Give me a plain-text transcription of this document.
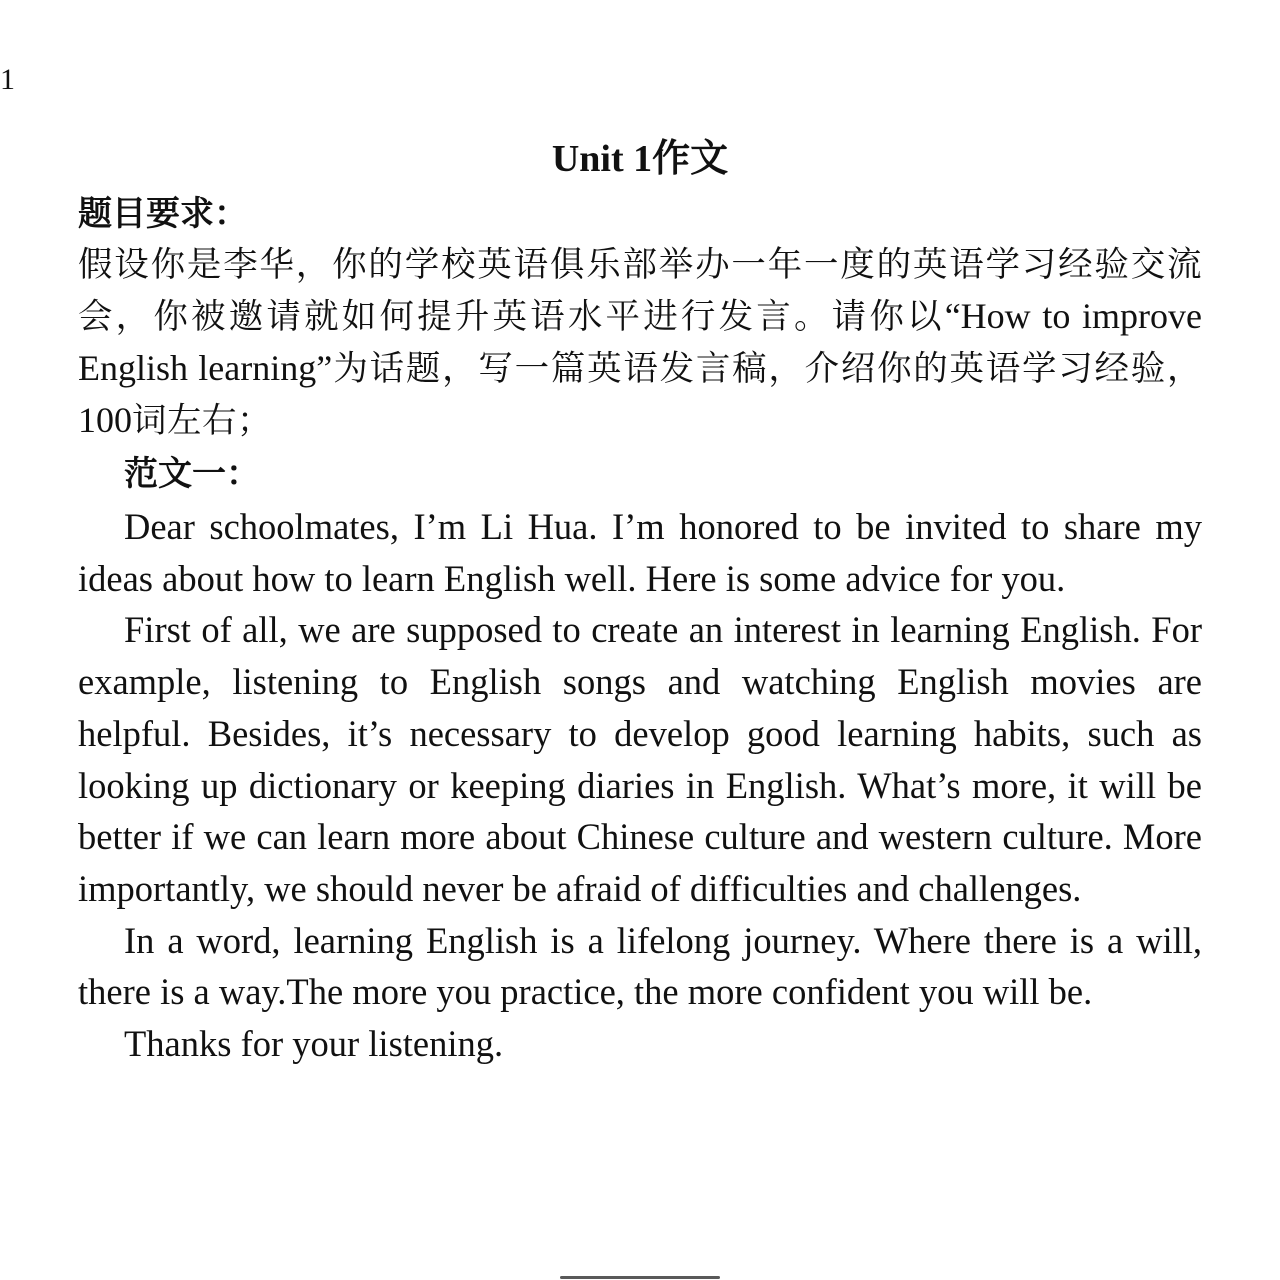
1
Unit 1作文
题目要求：

假设你是李华，你的学校英语俱乐部举办一年一度的英语学习经验交流会，你被邀请就如何提升英语水平进行发言。请你以“How to improve English learning”为话题，写一篇英语发言稿，介绍你的英语学习经验，100词左右；

范文一：

Dear schoolmates, I’m Li Hua. I’m honored to be invited to share my ideas about how to learn English well. Here is some advice for you.

First of all, we are supposed to create an interest in learning English. For example, listening to English songs and watching English movies are helpful. Besides, it’s necessary to develop good learning habits, such as looking up dictionary or keeping diaries in English. What’s more, it will be better if we can learn more about Chinese culture and western culture. More importantly, we should never be afraid of difficulties and challenges.

In a word, learning English is a lifelong journey. Where there is a will, there is a way.The more you practice, the more confident you will be.

Thanks for your listening.
